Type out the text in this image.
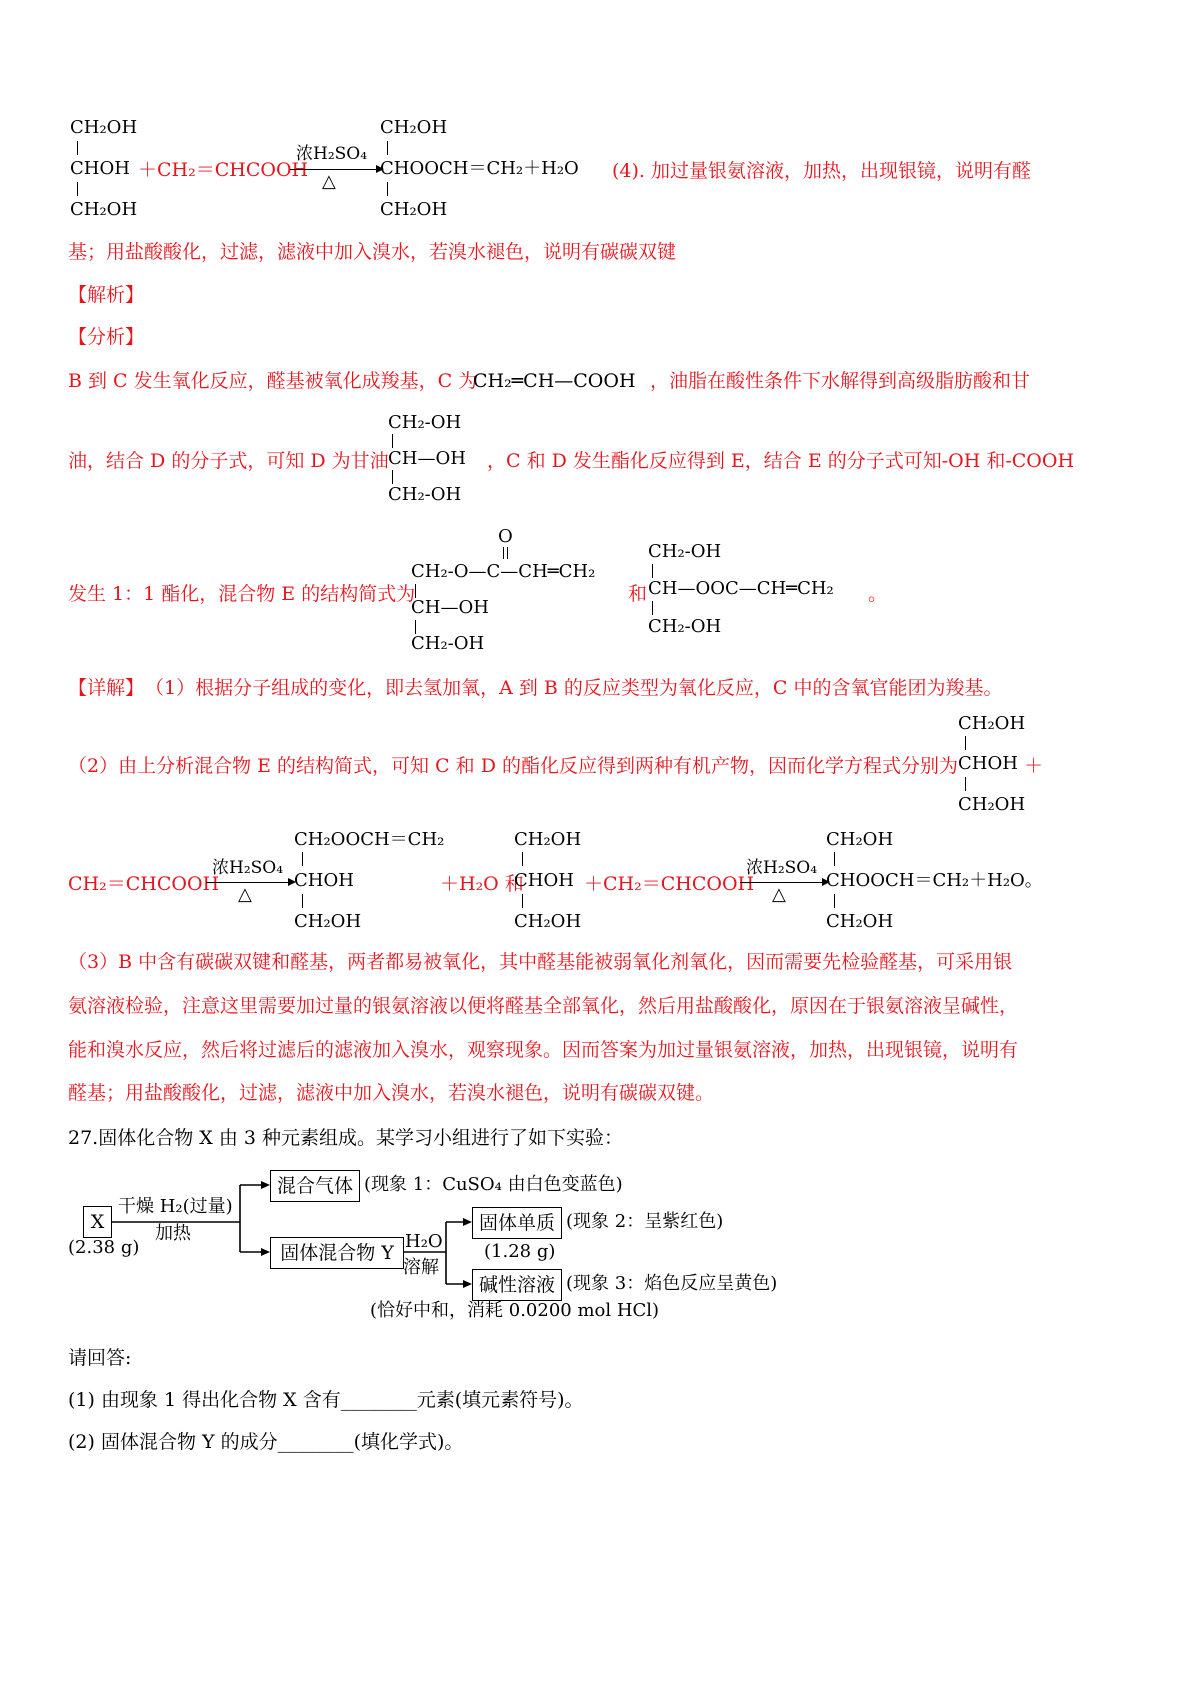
CH₂OH
CHOH
CH₂OH
＋CH₂＝CHCOOH
浓H₂SO₄
△
CH₂OH
CHOOCH＝CH₂＋H₂O
CH₂OH
(4). 加过量银氨溶液，加热，出现银镜，说明有醛
基；用盐酸酸化，过滤，滤液中加入溴水，若溴水褪色，说明有碳碳双键
【解析】
【分析】
B 到 C 发生氧化反应，醛基被氧化成羧基，C 为
CH₂═CH—COOH ，油脂在酸性条件下水解得到高级脂肪酸和甘
CH₂-OH
油，结合 D 的分子式，可知 D 为甘油 CH—OH
CH₂-OH
，C 和 D 发生酯化反应得到 E，结合 E 的分子式可知-OH 和-COOH
O
CH₂-O—C—CH═CH₂
发生 1：1 酯化，混合物 E 的结构简式为
CH—OH
CH₂-OH
和
CH₂-OH
CH—OOC—CH═CH₂
CH₂-OH
。
【详解】 （1）根据分子组成的变化，即去氢加氧，A 到 B 的反应类型为氧化反应，C 中的含氧官能团为羧基。
CH₂OH
（2）由上分析混合物 E 的结构简式，可知 C 和 D 的酯化反应得到两种有机产物，因而化学方程式分别为 CHOH ＋
CH₂OH
CH₂＝CHCOOH
浓H₂SO₄
△
CH₂OOCH＝CH₂
CHOH
CH₂OH
＋H₂O 和
CH₂OH
CHOH
CH₂OH
＋CH₂＝CHCOOH
浓H₂SO₄
△
CH₂OH
CHOOCH＝CH₂＋H₂O。
CH₂OH
（3）B 中含有碳碳双键和醛基，两者都易被氧化，其中醛基能被弱氧化剂氧化，因而需要先检验醛基，可采用银
氨溶液检验，注意这里需要加过量的银氨溶液以便将醛基全部氧化，然后用盐酸酸化，原因在于银氨溶液呈碱性，
能和溴水反应，然后将过滤后的滤液加入溴水，观察现象。因而答案为加过量银氨溶液，加热，出现银镜，说明有
醛基；用盐酸酸化，过滤，滤液中加入溴水，若溴水褪色，说明有碳碳双键。
27.固体化合物 X 由 3 种元素组成。某学习小组进行了如下实验：
X
(2.38 g)
干燥 H₂(过量)
加热
混合气体 (现象 1：CuSO₄ 由白色变蓝色)
固体混合物 Y
H₂O
溶解
固体单质 (现象 2：呈紫红色)
(1.28 g)
碱性溶液 (现象 3：焰色反应呈黄色)
(恰好中和，消耗 0.0200 mol HCl)
请回答:
(1) 由现象 1 得出化合物 X 含有________元素(填元素符号)。
(2) 固体混合物 Y 的成分________(填化学式)。
